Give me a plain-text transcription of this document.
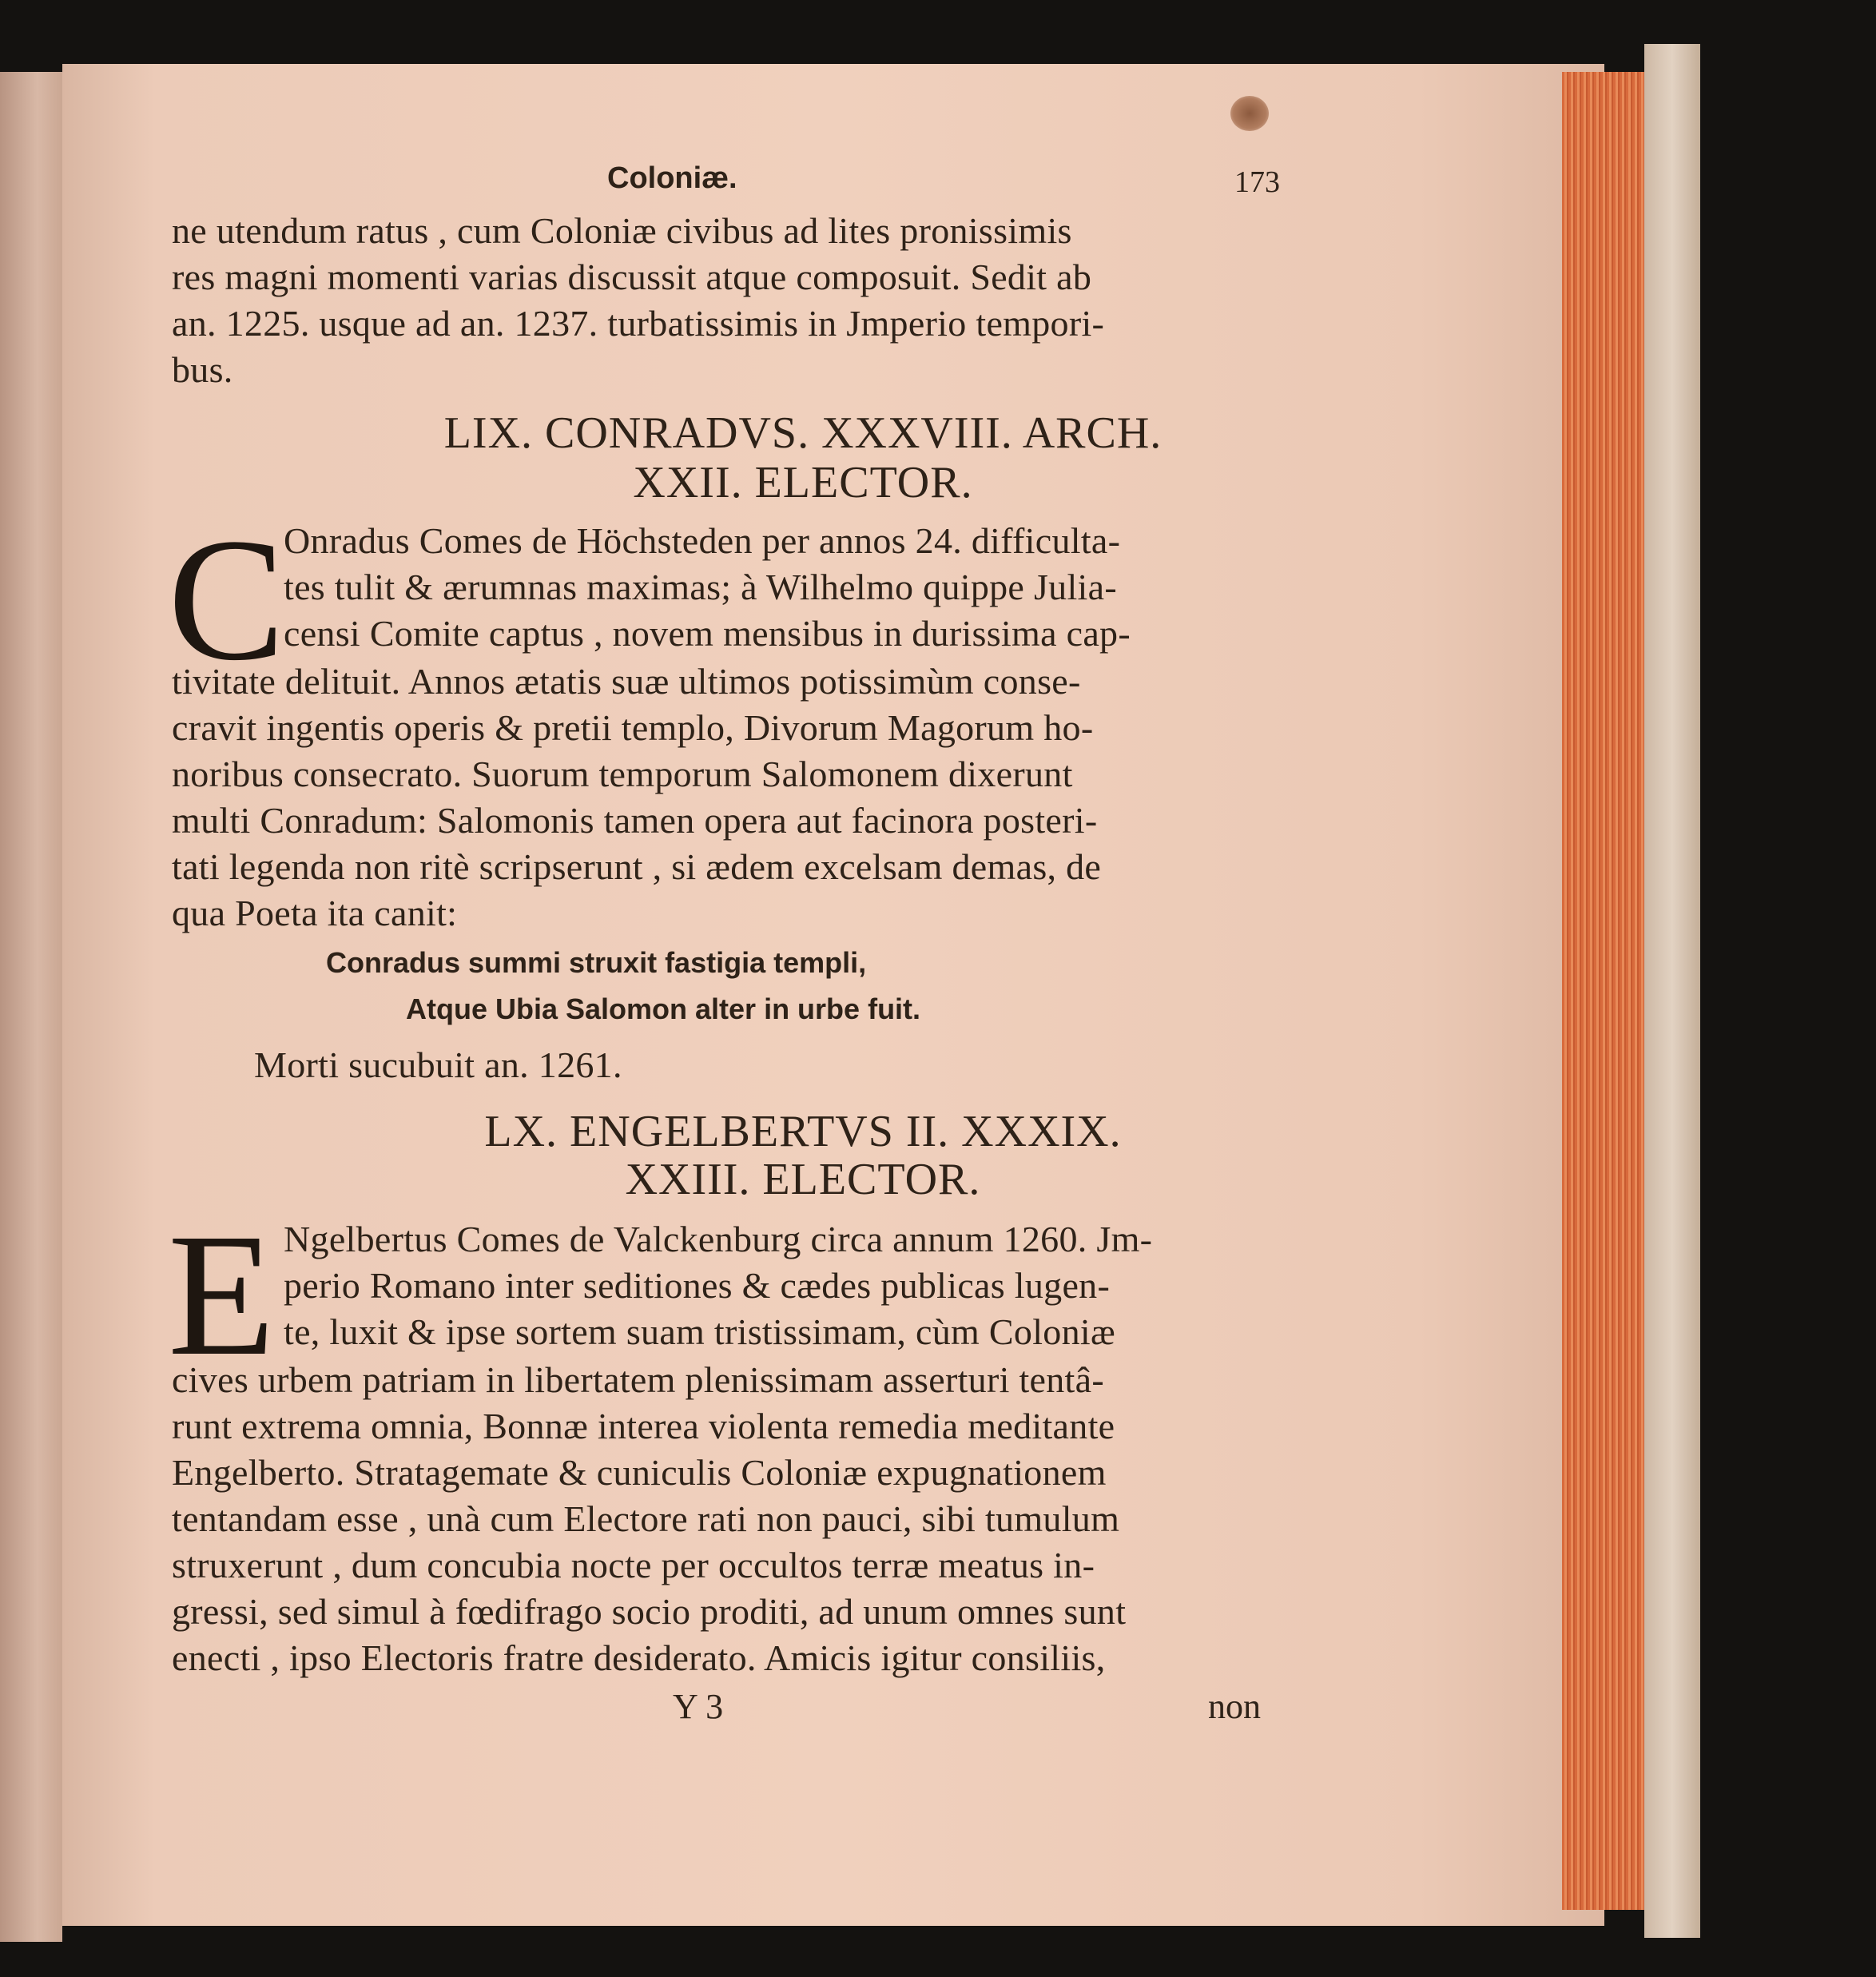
Coloniæ.	173
ne utendum ratus , cum Coloniæ civibus ad lites pronissimis
res magni momenti varias discussit atque composuit. Sedit ab
an. 1225. usque ad an. 1237. turbatissimis in Jmperio tempori-
bus.
LIX. CONRADVS. XXXVIII. ARCH.
XXII. ELECTOR.
C
Onradus Comes de Höchsteden per annos 24. difficulta-
tes tulit & ærumnas maximas; à Wilhelmo quippe Julia-
censi Comite captus , novem mensibus in durissima cap-
tivitate delituit. Annos ætatis suæ ultimos potissimùm conse-
cravit ingentis operis & pretii templo, Divorum Magorum ho-
noribus consecrato. Suorum temporum Salomonem dixerunt
multi Conradum: Salomonis tamen opera aut facinora posteri-
tati legenda non ritè scripserunt , si ædem excelsam demas, de
qua Poeta ita canit:
Conradus summi struxit fastigia templi,
Atque Ubia Salomon alter in urbe fuit.
Morti sucubuit an. 1261.
LX. ENGELBERTVS II. XXXIX.
XXIII. ELECTOR.
E Ngelbertus Comes de Valckenburg circa annum 1260. Jm-
perio Romano inter seditiones & cædes publicas lugen-
te, luxit & ipse sortem suam tristissimam, cùm Coloniæ
cives urbem patriam in libertatem plenissimam asserturi tentâ-
runt extrema omnia, Bonnæ interea violenta remedia meditante
Engelberto. Stratagemate & cuniculis Coloniæ expugnationem
tentandam esse , unà cum Electore rati non pauci, sibi tumulum
struxerunt , dum concubia nocte per occultos terræ meatus in-
gressi, sed simul à fœdifrago socio proditi, ad unum omnes sunt
enecti , ipso Electoris fratre desiderato. Amicis igitur consiliis,
Y 3	non
